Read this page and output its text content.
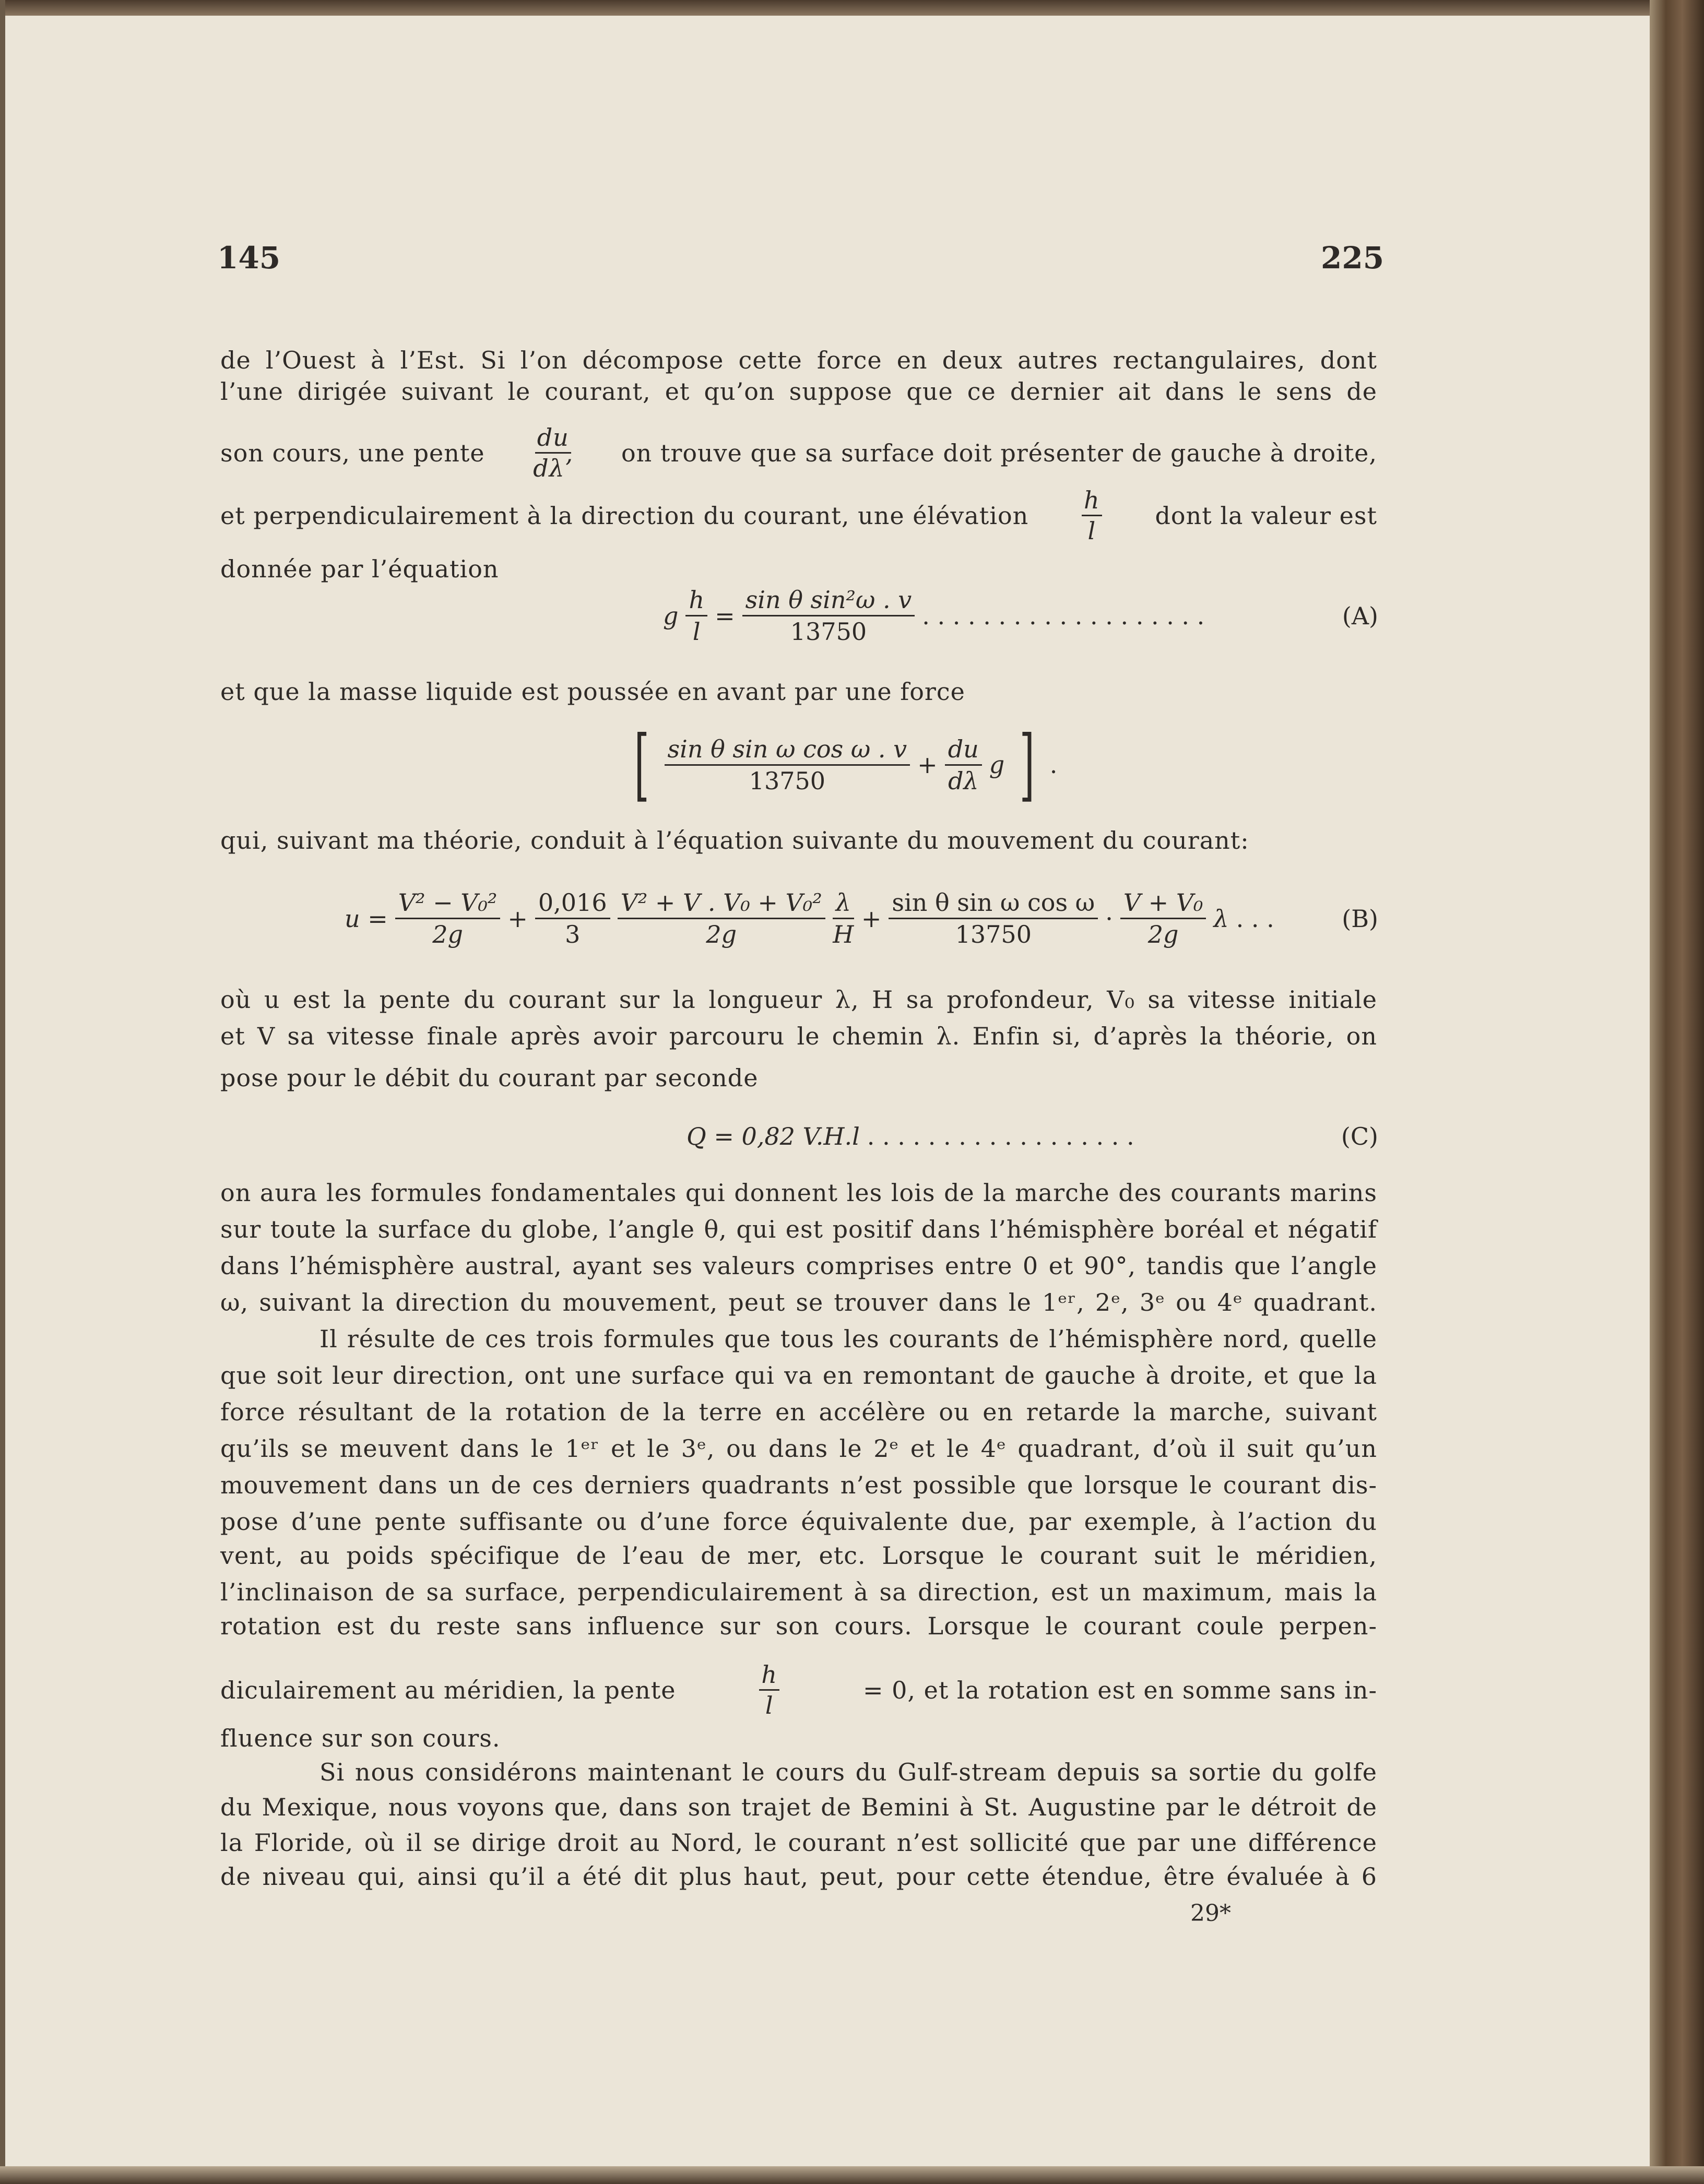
145	225
de l’Ouest à l’Est. Si l’on décompose cette force en deux autres rectangulaires, dont
l’une dirigée suivant le courant, et qu’on suppose que ce dernier ait dans le sens de
son cours, une pente $\frac{du}{d\lambda’}$ on trouve que sa surface doit présenter de gauche à droite,
et perpendiculairement à la direction du courant, une élévation $\frac{h}{l}$ dont la valeur est
donnée par l’équation
g $\frac{h}{l} = \frac{\text{sin θ sin²ω . v}}{13750}$ . . . . . . . . . . . . . . . . . . .	(A)
et que la masse liquide est poussée en avant par une force
[ $\frac{\text{sin θ sin ω cos ω . v}}{13750} + \frac{du}{d\lambda}$ g ] .
qui, suivant ma théorie, conduit à l’équation suivante du mouvement du courant:
$u = \frac{\text{V² − V₀²}}{2g} + \frac{0,016}{3} \frac{\text{V² + V . V₀ + V₀²}}{2g} \frac{\lambda}{H} + \frac{\text{sin θ sin ω cos ω}}{13750} \cdot \frac{\text{V + V₀}}{2g}$ λ . . .	(B)
où u est la pente du courant sur la longueur λ, H sa profondeur, V₀ sa vitesse initiale
et V sa vitesse finale après avoir parcouru le chemin λ. Enfin si, d’après la théorie, on
pose pour le débit du courant par seconde
Q = 0,82 V.H.l . . . . . . . . . . . . . . . . . .	(C)
on aura les formules fondamentales qui donnent les lois de la marche des courants marins
sur toute la surface du globe, l’angle θ, qui est positif dans l’hémisphère boréal et négatif
dans l’hémisphère austral, ayant ses valeurs comprises entre 0 et 90°, tandis que l’angle
ω, suivant la direction du mouvement, peut se trouver dans le 1ᵉʳ, 2ᵉ, 3ᵉ ou 4ᵉ quadrant.
Il résulte de ces trois formules que tous les courants de l’hémisphère nord, quelle
que soit leur direction, ont une surface qui va en remontant de gauche à droite, et que la
force résultant de la rotation de la terre en accélère ou en retarde la marche, suivant
qu’ils se meuvent dans le 1ᵉʳ et le 3ᵉ, ou dans le 2ᵉ et le 4ᵉ quadrant, d’où il suit qu’un
mouvement dans un de ces derniers quadrants n’est possible que lorsque le courant dis-
pose d’une pente suffisante ou d’une force équivalente due, par exemple, à l’action du
vent, au poids spécifique de l’eau de mer, etc. Lorsque le courant suit le méridien,
l’inclinaison de sa surface, perpendiculairement à sa direction, est un maximum, mais la
rotation est du reste sans influence sur son cours. Lorsque le courant coule perpen-
diculairement au méridien, la pente	$\frac{h}{l}$	= 0, et la rotation est en somme sans in-
fluence sur son cours.
Si nous considérons maintenant le cours du Gulf-stream depuis sa sortie du golfe
du Mexique, nous voyons que, dans son trajet de Bemini à St. Augustine par le détroit de
la Floride, où il se dirige droit au Nord, le courant n’est sollicité que par une différence
de niveau qui, ainsi qu’il a été dit plus haut, peut, pour cette étendue, être évaluée à 6
29*
